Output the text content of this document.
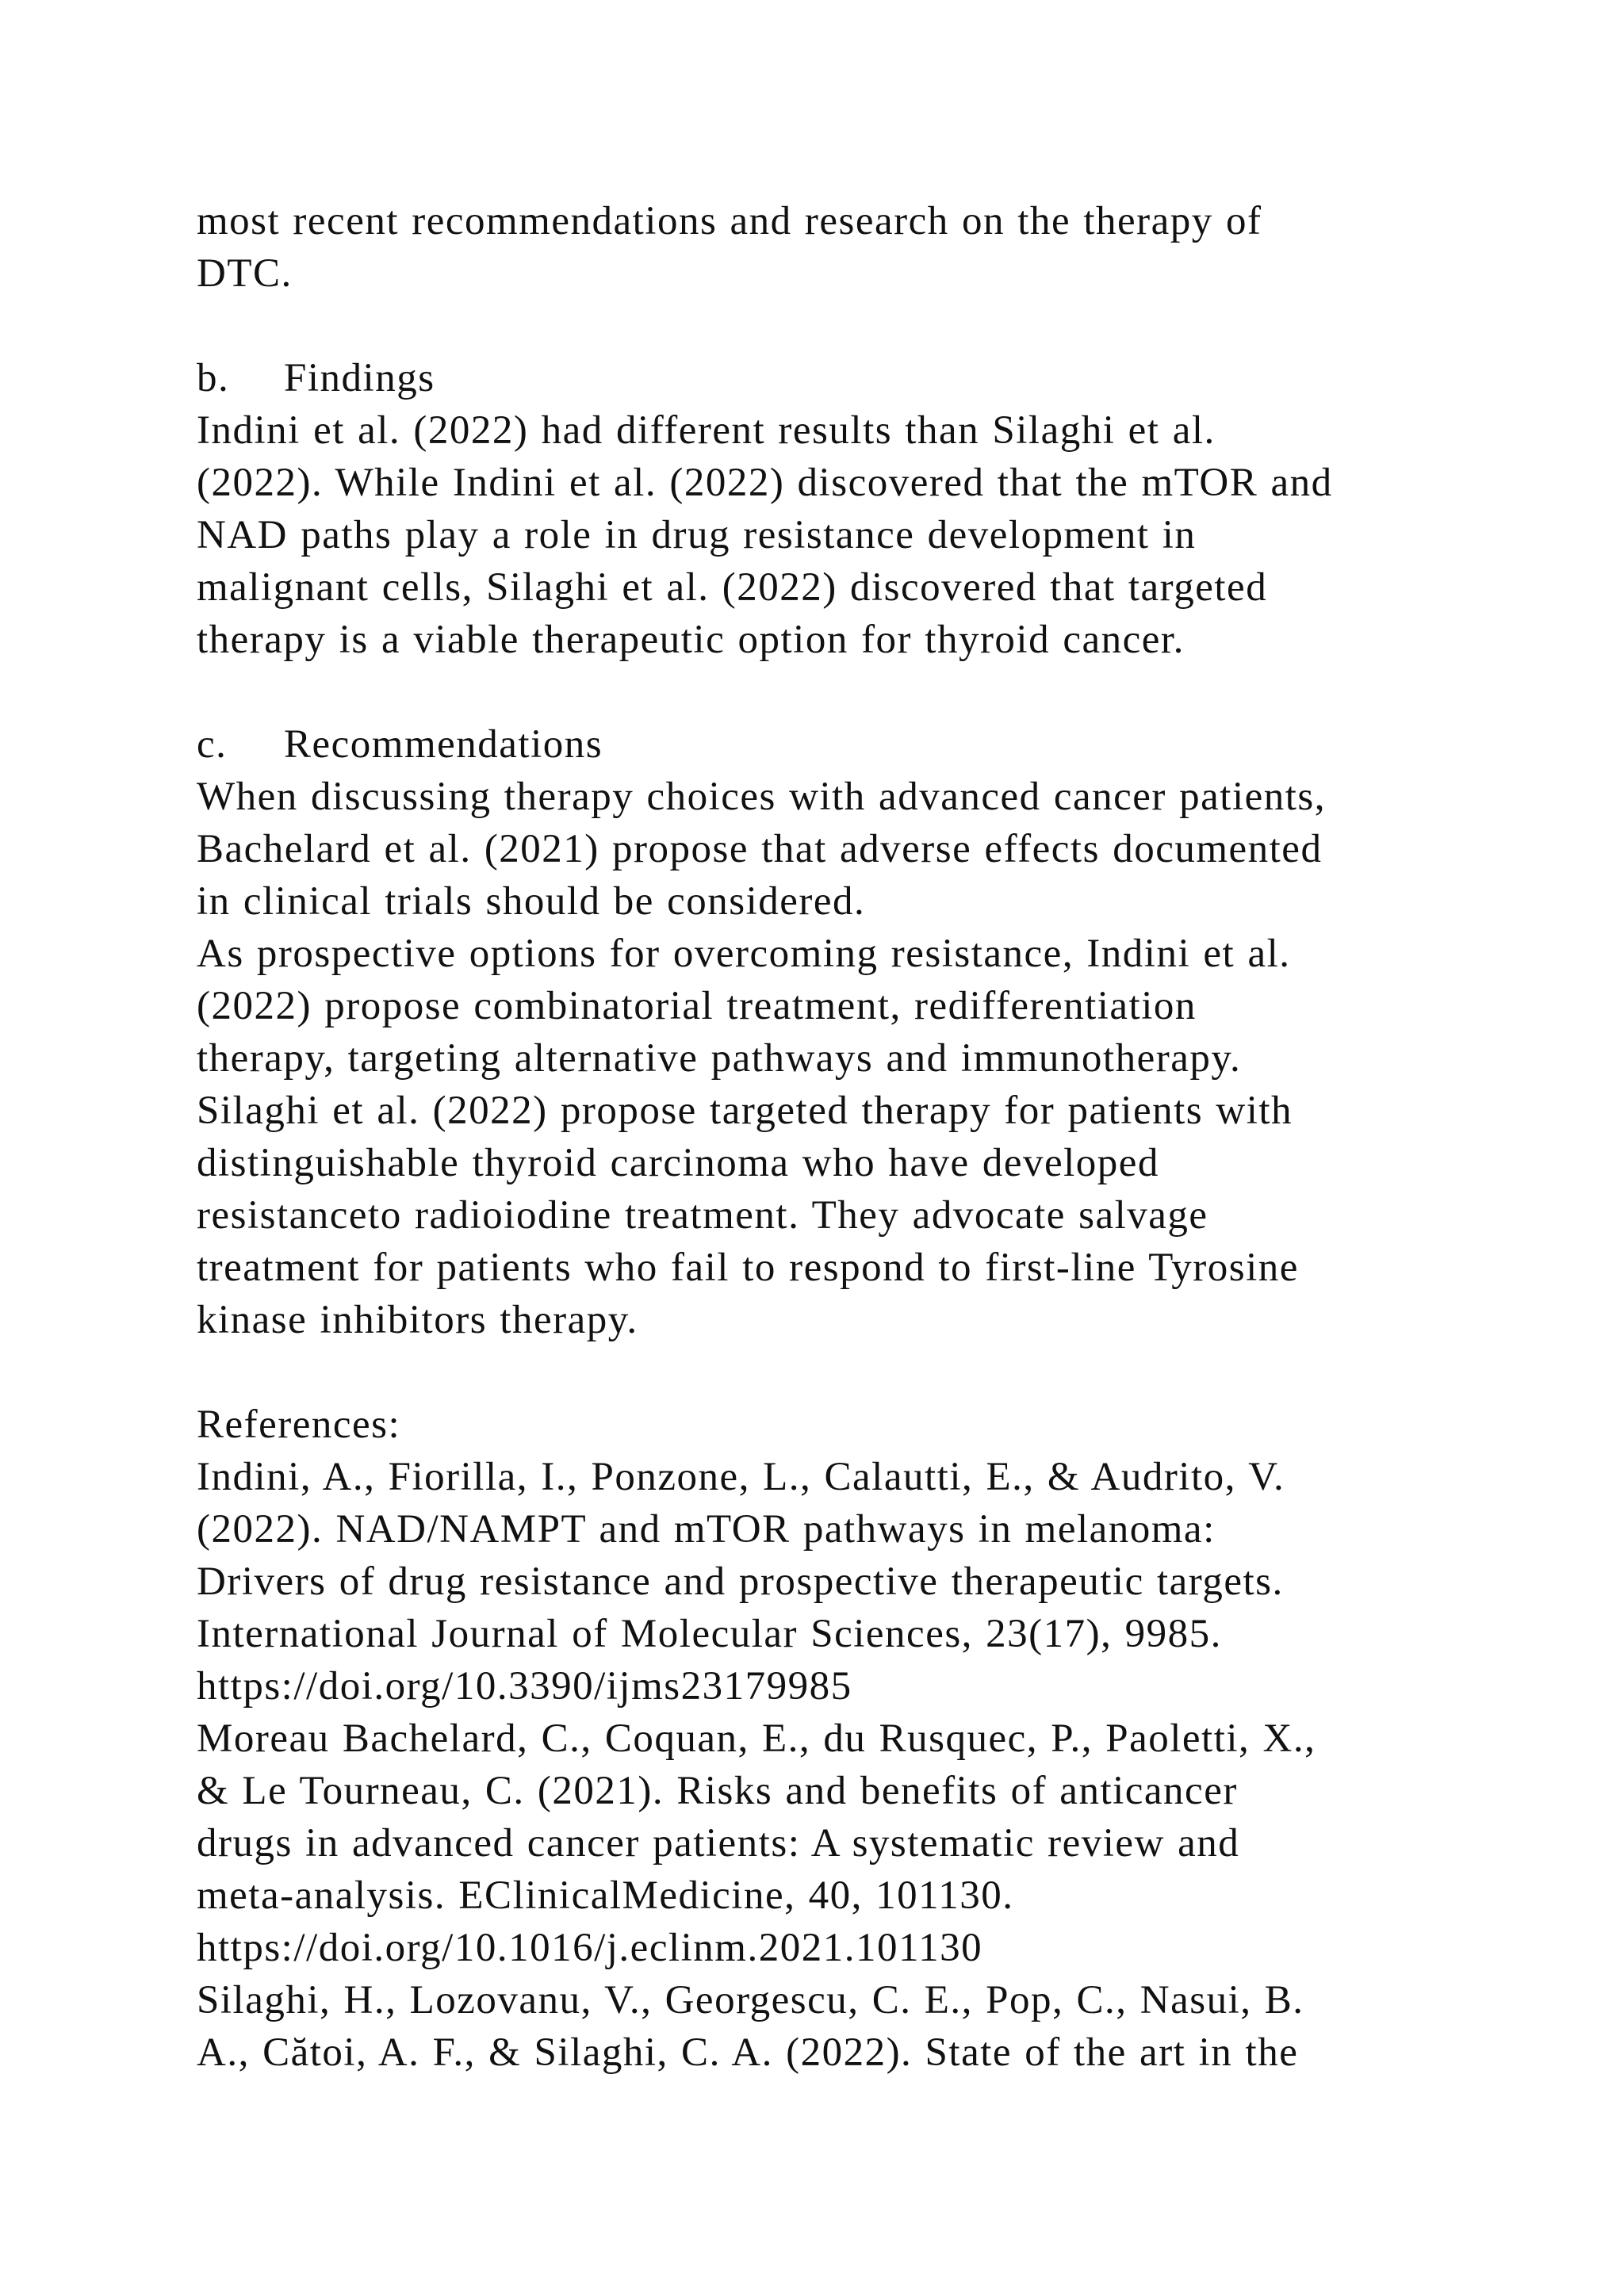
most recent recommendations and research on the therapy of
DTC.
b. Findings
Indini et al. (2022) had different results than Silaghi et al.
(2022). While Indini et al. (2022) discovered that the mTOR and
NAD paths play a role in drug resistance development in
malignant cells, Silaghi et al. (2022) discovered that targeted
therapy is a viable therapeutic option for thyroid cancer.
c. Recommendations
When discussing therapy choices with advanced cancer patients,
Bachelard et al. (2021) propose that adverse effects documented
in clinical trials should be considered.
As prospective options for overcoming resistance, Indini et al.
(2022) propose combinatorial treatment, redifferentiation
therapy, targeting alternative pathways and immunotherapy.
Silaghi et al. (2022) propose targeted therapy for patients with
distinguishable thyroid carcinoma who have developed
resistanceto radioiodine treatment. They advocate salvage
treatment for patients who fail to respond to first-line Tyrosine
kinase inhibitors therapy.
References:
Indini, A., Fiorilla, I., Ponzone, L., Calautti, E., & Audrito, V.
(2022). NAD/NAMPT and mTOR pathways in melanoma:
Drivers of drug resistance and prospective therapeutic targets.
International Journal of Molecular Sciences, 23(17), 9985.
https://doi.org/10.3390/ijms23179985
Moreau Bachelard, C., Coquan, E., du Rusquec, P., Paoletti, X.,
& Le Tourneau, C. (2021). Risks and benefits of anticancer
drugs in advanced cancer patients: A systematic review and
meta-analysis. EClinicalMedicine, 40, 101130.
https://doi.org/10.1016/j.eclinm.2021.101130
Silaghi, H., Lozovanu, V., Georgescu, C. E., Pop, C., Nasui, B.
A., Cătoi, A. F., & Silaghi, C. A. (2022). State of the art in the
